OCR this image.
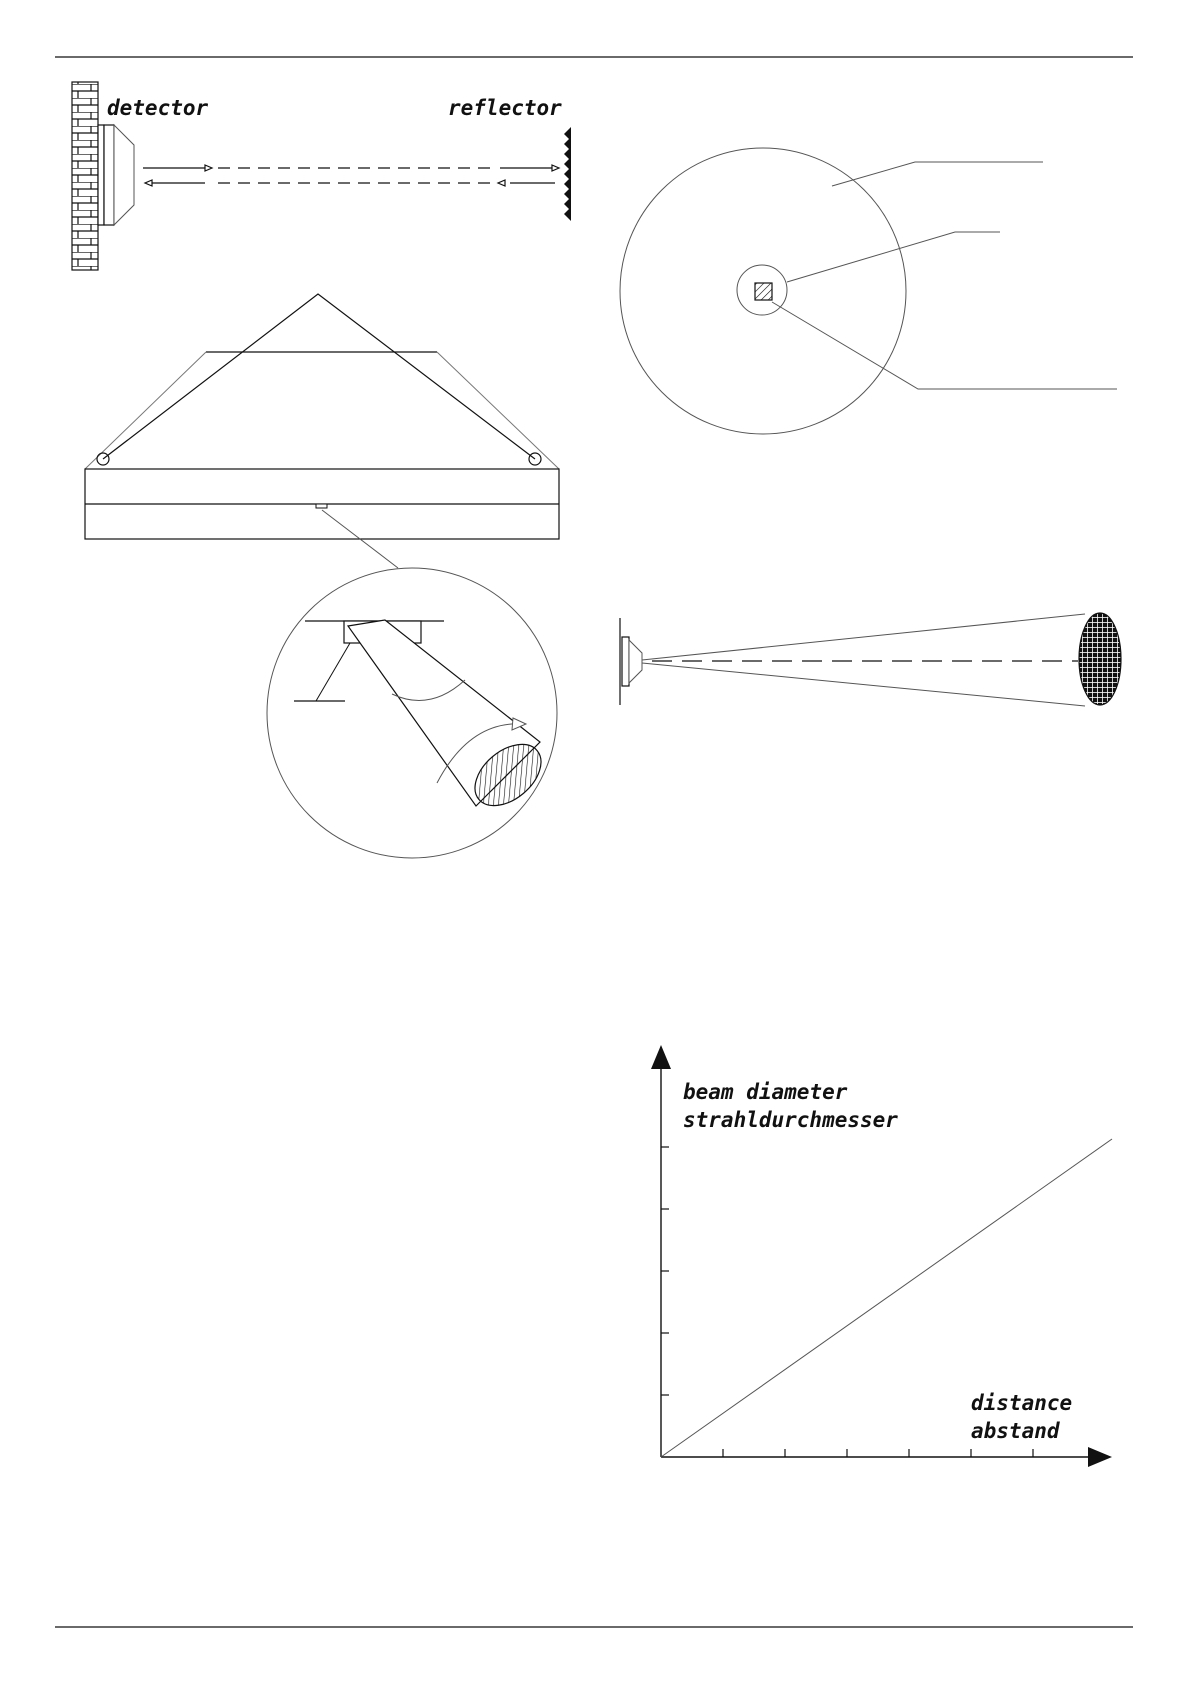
detector	reflector
beam diameter
strahldurchmesser
distance
abstand
